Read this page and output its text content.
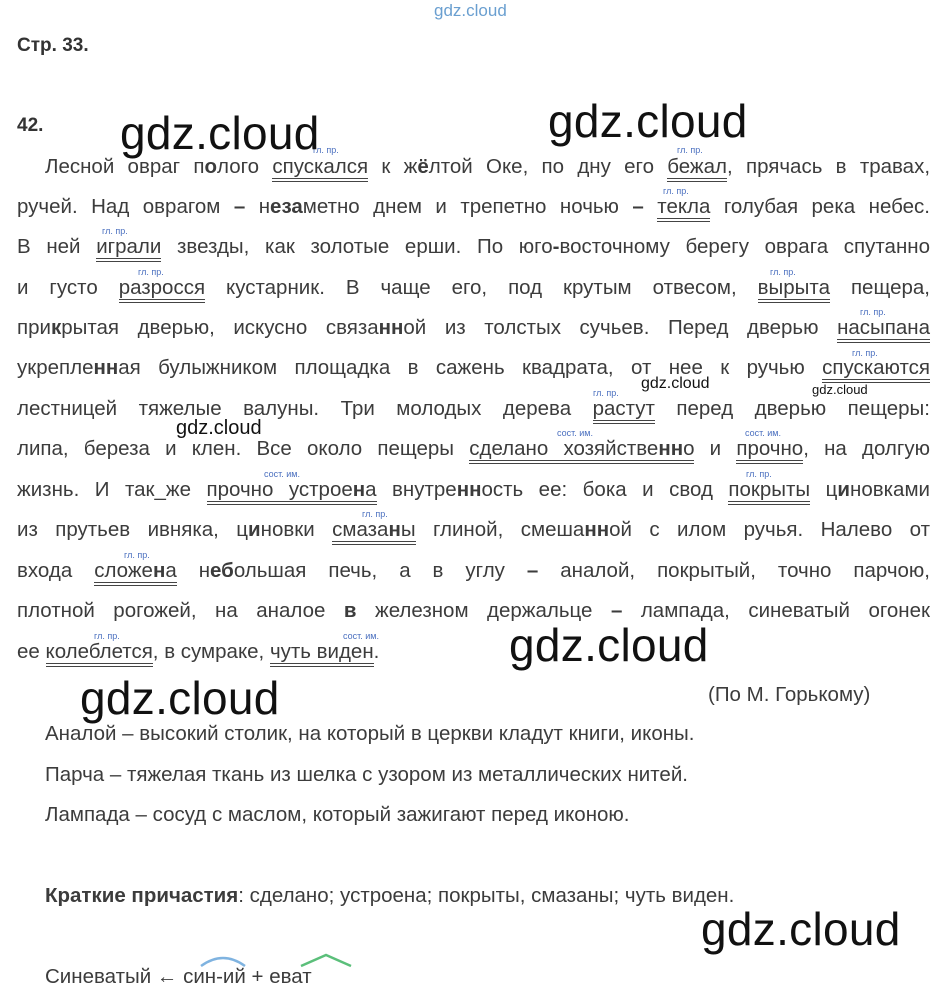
gdz.cloud
Стр. 33.
42.
Лесной овраг полого спускался к жёлтой Оке, по дну его бежал, прячась в травах,
ручей. Над оврагом – незаметно днем и трепетно ночью – текла голубая река небес.
В ней играли звезды, как золотые ерши. По юго-восточному берегу оврага спутанно
и густо разросся кустарник. В чаще его, под крутым отвесом, вырыта пещера,
прикрытая дверью, искусно связанной из толстых сучьев. Перед дверью насыпана
укрепленная булыжником площадка в сажень квадрата, от нее к ручью спускаются
лестницей тяжелые валуны. Три молодых дерева растут перед дверью пещеры:
липа, береза и клен. Все около пещеры сделано хозяйственно и прочно, на долгую
жизнь. И так_же прочно устроена внутренность ее: бока и свод покрыты циновками
из прутьев ивняка, циновки смазаны глиной, смешанной с илом ручья. Налево от
входа сложена небольшая печь, а в углу – аналой, покрытый, точно парчою,
плотной рогожей, на аналое в железном держальце – лампада, синеватый огонек
ее колеблется, в сумраке, чуть виден.
гл. пр.	гл. пр.
гл. пр.
гл. пр.
гл. пр.	гл. пр.
гл. пр.
гл. пр.
гл. пр.
сост. им.	сост. им.
сост. им.	гл. пр.
гл. пр.
гл. пр.
гл. пр.	сост. им.
(По М. Горькому)
Аналой – высокий столик, на который в церкви кладут книги, иконы.
Парча – тяжелая ткань из шелка с узором из металлических нитей.
Лампада – сосуд с маслом, который зажигают перед иконою.
Краткие причастия: сделано; устроена; покрыты, смазаны; чуть виден.
Синеватый ← син-ий + еват
gdz.cloud	gdz.cloud
gdz.cloud	gdz.cloud
gdz.cloud
gdz.cloud
gdz.cloud
gdz.cloud
